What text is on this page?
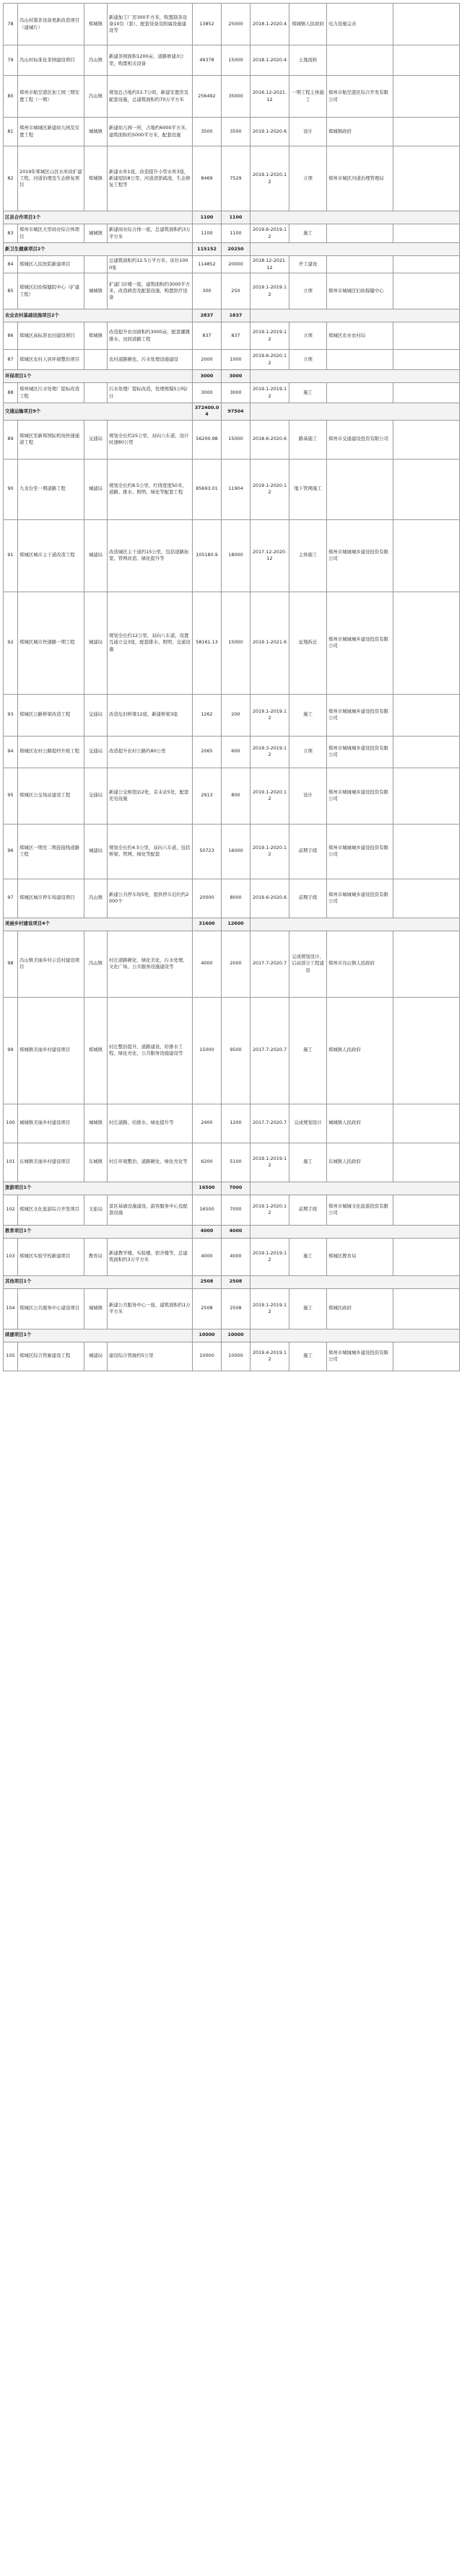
78	冯山村制茶设备更新改造项目（建城片）	郑城镇	新建加工厂房300平方米，购置制茶设备10台（套），配套设备及附属设施建设等	13852	25000	2018.1-2020.4	郑城镇人民政府	电力设施完善	
79	冯山村标准化茶园建设项目	冯山镇	新建茶园面积1200亩，道路修建3公里，购置相关设备	49378	15000	2018.1-2020.4	土地流转		
80	郑州市航空港区加工园三期安置工程（一期）	冯山镇	规划总占地约53.7公顷，新建安置房及配套设施，总建筑面积约70万平方米	256492	35000	2016.12-2021.12	一期工程主体施工	郑州市航空港区综合开发有限公司	
81	郑州市城城区新建幼儿园及安置工程	城城镇	新建幼儿园一所，占地约6000平方米，建筑面积约5000平方米，配套设施	3500	3500	2019.1-2020.6	设计	郑城镇政府	
82	2019年郑城区山区水库改扩建工程、河道治理及生态修复项目	郑城镇	新建水库1座，改造提升小型水库3座，新建堤防8公里，河道清淤疏浚、生态修复工程等	8469	7529	2019.1-2020.12	立项	郑州市城区河道治理管理局	
区县合作项目1个				1100	1100				
83	郑州市城区大型商业综合体项目	城城镇	新建商业综合体一座，总建筑面积约3万平方米	1100	1100	2019.6-2019.12	施工		
新卫生健康项目2个				115152	20250				
84	郑城区人民医院新建项目		总建筑面积约12.5万平方米，床位1000张	114852	20000	2018.12-2021.12	开工建设		
85	郑城区妇幼保健院中心（扩建工程）	城城镇	扩建门诊楼一座，建筑面积约3000平方米，改造病房及配套设施，购置医疗设备	300	250	2019.1-2019.12	立项	郑州市城城区妇幼保健中心	
农业农村基础设施项目2个				2837	1837				
86	郑城区高标准农田建设项目	郑城镇	改造提升农田面积约3000亩，配套灌溉排水、田间道路工程	837	837	2019.1-2019.12	立项	郑城区农业农村局	
87	郑城区农村人居环境整治项目		农村道路硬化、污水处理设施建设	2000	1000	2019.6-2020.12	立项		
环保项目1个				3000	3000				
88	郑州城区污水处理厂提标改造工程		污水处理厂提标改造，处理规模5万吨/日	3000	3000	2019.1-2019.12	施工		
交通运输项目9个				372400.04	97504				
89	郑城区至新郑国际机场快速通道工程	交通局	规划全长约25公里，双向六车道，设计时速80公里	56200.98	15000	2018.6-2020.6	路基施工	郑州市交通建设投资有限公司	
90	九龙台至一期道路工程	城建局	规划全长约8.5公里，红线宽度50米，道路、排水、照明、绿化等配套工程	85693.01	11904	2019.1-2020.12	地下管网施工		
91	郑城区城市主干道改造工程	城建局	改造城区主干道约15公里，包括道路拓宽、管网改造、绿化提升等	105180.9	18000	2017.12-2020.12	主体施工	郑州市城城城乡建设投资有限公司	
92	郑城区城市快速路一期工程	城建局	规划全长约12公里，双向八车道，设置互通立交3座，配套排水、照明、交通设施	58161.13	15000	2019.1-2021.6	征地拆迁	郑州市城城城乡建设投资有限公司	
93	郑城区公路桥梁改造工程	交通局	改造危旧桥梁12座，新建桥梁3座	1262	200	2019.1-2019.12	施工	郑州市城城城乡建设投资有限公司	
94	郑城区农村公路提档升级工程	交通局	改造提升农村公路约80公里	2065	600	2019.3-2019.12	立项	郑州市城城城乡建设投资有限公司	
95	郑城区公交场站建设工程	交通局	新建公交枢纽站2处，首末站5处，配套充电设施	2913	800	2019.1-2020.12	设计	郑州市城城城乡建设投资有限公司	
96	郑城区一期至二期连接线道路工程	城建局	规划全长约4.5公里，双向六车道，包括桥梁、管网、绿化等配套	50723	16000	2019.1-2020.12	前期手续	郑州市城城城乡建设投资有限公司	
97	郑城区城市停车场建设项目	冯山镇	新建公共停车场5处，提供停车泊位约2000个	20000	8000	2019.6-2020.6	前期手续	郑州市城城城乡建设投资有限公司	
美丽乡村建设项目4个				31600	12600				
98	冯山镇美丽乡村示范村建设项目	冯山镇	村庄道路硬化、绿化美化、污水处理、文化广场、公共服务设施建设等	4000	2000	2017.7-2020.7	完成规划设计，启动部分工程建设	郑州市冯山镇人民政府	
99	郑城镇美丽乡村建设项目	郑城镇	村庄整治提升、道路建设、给排水工程、绿化亮化、公共服务设施建设等	15000	9500	2017.7-2020.7	施工	郑城镇人民政府	
100	城城镇美丽乡村建设项目	城城镇	村庄道路、给排水、绿化提升等	2400	1200	2017.7-2020.7	完成规划设计	城城镇人民政府	
101	东城镇美丽乡村建设项目	东城镇	村庄环境整治、道路硬化、绿化亮化等	6200	5100	2019.1-2019.12	施工	东城镇人民政府	
旅游项目1个				16500	7000				
102	郑城区文化旅游综合开发项目	文旅局	景区基础设施建设、游客服务中心及配套设施	16500	7000	2019.1-2020.12	前期手续	郑州市城城文化旅游投资有限公司	
教育项目1个				4000	4000				
103	郑城区实验学校新建项目	教育局	新建教学楼、实验楼、宿舍楼等，总建筑面积约3万平方米	4000	4000	2019.1-2019.12	施工	郑城区教育局	
其他项目1个				2508	2508				
104	郑城区公共服务中心建设项目	城城镇	新建公共服务中心一座，建筑面积约1万平方米	2508	2508	2019.1-2019.12	施工	郑城区政府	
续建项目1个				10000	10000				
105	郑城区综合管廊建设工程	城建局	建设综合管廊约5公里	10000	10000	2019.4-2019.12	施工	郑州市城城城乡建设投资有限公司	
